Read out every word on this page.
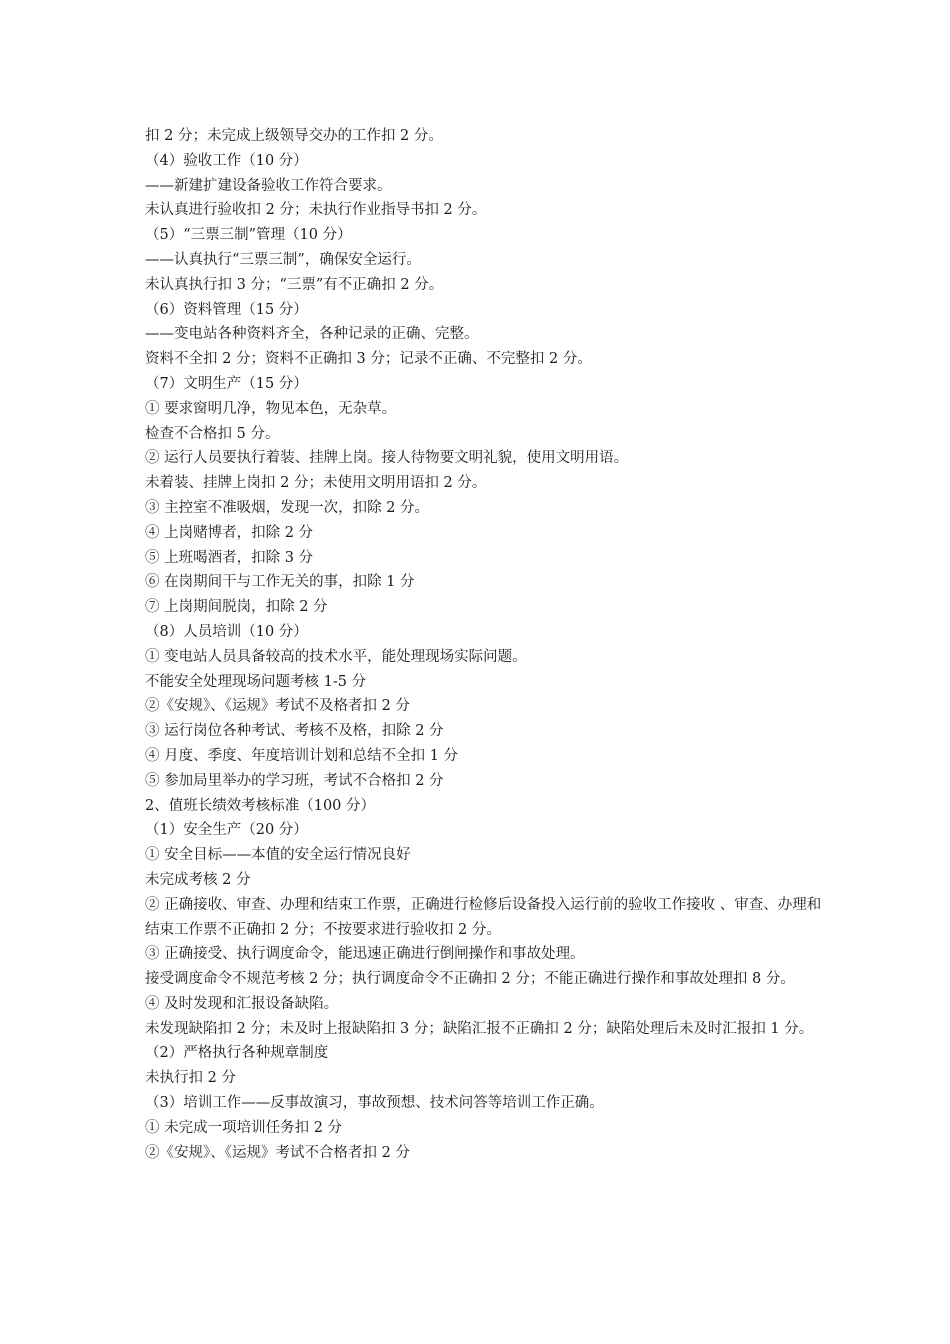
扣 2 分；未完成上级领导交办的工作扣 2 分。

（4）验收工作（10 分）

——新建扩建设备验收工作符合要求。

未认真进行验收扣 2 分；未执行作业指导书扣 2 分。

（5）“三票三制”管理（10 分）

——认真执行“三票三制”，确保安全运行。

未认真执行扣 3 分；“三票”有不正确扣 2 分。

（6）资料管理（15 分）

——变电站各种资料齐全，各种记录的正确、完整。

资料不全扣 2 分；资料不正确扣 3 分；记录不正确、不完整扣 2 分。

（7）文明生产（15 分）

① 要求窗明几净，物见本色，无杂草。

检查不合格扣 5 分。

② 运行人员要执行着装、挂牌上岗。接人待物要文明礼貌，使用文明用语。

未着装、挂牌上岗扣 2 分；未使用文明用语扣 2 分。

③ 主控室不准吸烟，发现一次，扣除 2 分。

④ 上岗赌博者，扣除 2 分

⑤ 上班喝酒者，扣除 3 分

⑥ 在岗期间干与工作无关的事，扣除 1 分

⑦ 上岗期间脱岗，扣除 2 分

（8）人员培训（10 分）

① 变电站人员具备较高的技术水平，能处理现场实际问题。

不能安全处理现场问题考核 1-5 分

②《安规》、《运规》考试不及格者扣 2 分

③ 运行岗位各种考试、考核不及格，扣除 2 分

④ 月度、季度、年度培训计划和总结不全扣 1 分

⑤ 参加局里举办的学习班，考试不合格扣 2 分

2、值班长绩效考核标准（100 分）

（1）安全生产（20 分）

① 安全目标——本值的安全运行情况良好

未完成考核 2 分

② 正确接收、审查、办理和结束工作票，正确进行检修后设备投入运行前的验收工作接收 、审查、办理和结束工作票不正确扣 2 分；不按要求进行验收扣 2 分。

③ 正确接受、执行调度命令，能迅速正确进行倒闸操作和事故处理。

接受调度命令不规范考核 2 分；执行调度命令不正确扣 2 分；不能正确进行操作和事故处理扣 8 分。

④ 及时发现和汇报设备缺陷。

未发现缺陷扣 2 分；未及时上报缺陷扣 3 分；缺陷汇报不正确扣 2 分；缺陷处理后未及时汇报扣 1 分。

（2）严格执行各种规章制度

未执行扣 2 分

（3）培训工作——反事故演习，事故预想、技术问答等培训工作正确。

① 未完成一项培训任务扣 2 分

②《安规》、《运规》考试不合格者扣 2 分
